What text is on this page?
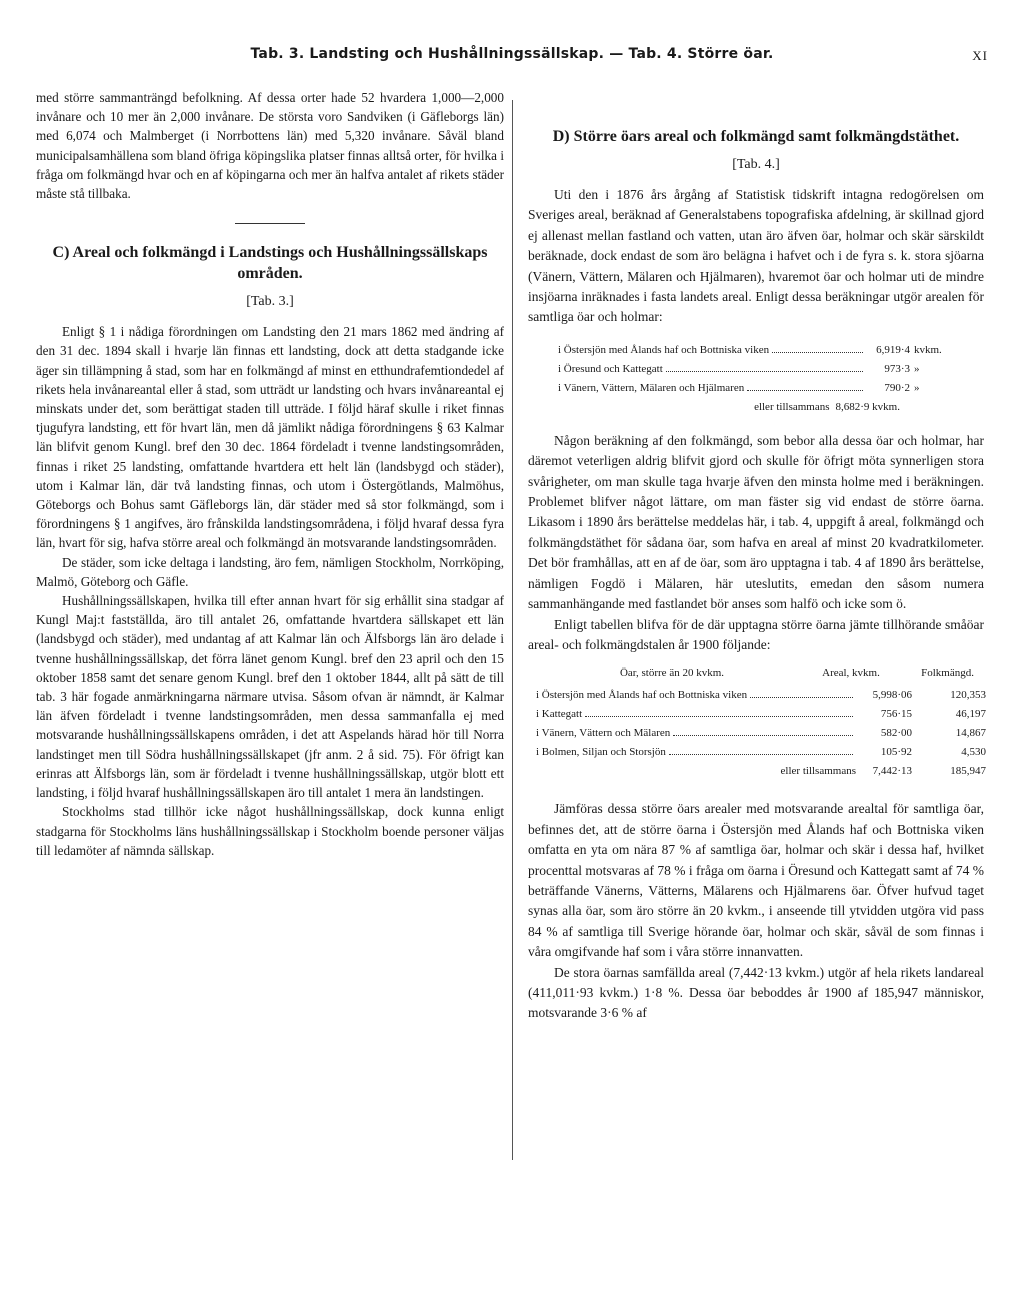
Tab. 3. Landsting och Hushållningssällskap. — Tab. 4. Större öar.	XI

med större sammanträngd befolkning. Af dessa orter hade 52 hvardera 1,000—2,000 invånare och 10 mer än 2,000 invånare. De största voro Sandviken (i Gäfleborgs län) med 6,074 och Malmberget (i Norrbottens län) med 5,320 invånare. Såväl bland municipalsamhällena som bland öfriga köpingslika platser finnas alltså orter, för hvilka i fråga om folkmängd hvar och en af köpingarna och mer än halfva antalet af rikets städer måste stå tillbaka.

C) Areal och folkmängd i Landstings och Hushållningssällskaps områden.
[Tab. 3.]

Enligt § 1 i nådiga förordningen om Landsting den 21 mars 1862 med ändring af den 31 dec. 1894 skall i hvarje län finnas ett landsting, dock att detta stadgande icke äger sin tillämpning å stad, som har en folkmängd af minst en etthundrafemtiondedel af rikets hela invånareantal eller å stad, som utträdt ur landsting och hvars invånareantal ej minskats under det, som berättigat staden till utträde. I följd häraf skulle i riket finnas tjugufyra landsting, ett för hvart län, men då jämlikt nådiga förordningens § 63 Kalmar län blifvit genom Kungl. bref den 30 dec. 1864 fördeladt i tvenne landstingsområden, finnas i riket 25 landsting, omfattande hvartdera ett helt län (landsbygd och städer), utom i Kalmar län, där två landsting finnas, och utom i Östergötlands, Malmöhus, Göteborgs och Bohus samt Gäfleborgs län, där städer med så stor folkmängd, som i förordningens § 1 angifves, äro frånskilda landstingsområdena, i följd hvaraf dessa fyra län, hvart för sig, hafva större areal och folkmängd än motsvarande landstingsområden.

De städer, som icke deltaga i landsting, äro fem, nämligen Stockholm, Norrköping, Malmö, Göteborg och Gäfle.

Hushållningssällskapen, hvilka till efter annan hvart för sig erhållit sina stadgar af Kungl Maj:t fastställda, äro till antalet 26, omfattande hvartdera sällskapet ett län (landsbygd och städer), med undantag af att Kalmar län och Älfsborgs län äro delade i tvenne hushållningssällskap, det förra länet genom Kungl. bref den 23 april och den 15 oktober 1858 samt det senare genom Kungl. bref den 1 oktober 1844, allt på sätt de till tab. 3 här fogade anmärkningarna närmare utvisa. Såsom ofvan är nämndt, är Kalmar län äfven fördeladt i tvenne landstingsområden, men dessa sammanfalla ej med motsvarande hushållningssällskapens områden, i det att Aspelands härad hör till Norra landstinget men till Södra hushållningssällskapet (jfr anm. 2 å sid. 75). För öfrigt kan erinras att Älfsborgs län, som är fördeladt i tvenne hushållningssällskap, utgör blott ett landsting, i följd hvaraf hushållningssällskapen äro till antalet 1 mera än landstingen.

Stockholms stad tillhör icke något hushållningssällskap, dock kunna enligt stadgarna för Stockholms läns hushållningssällskap i Stockholm boende personer väljas till ledamöter af nämnda sällskap.

D) Större öars areal och folkmängd samt folkmängdstäthet.
[Tab. 4.]

Uti den i 1876 års årgång af Statistisk tidskrift intagna redogörelsen om Sveriges areal, beräknad af Generalstabens topografiska afdelning, är skillnad gjord ej allenast mellan fastland och vatten, utan äro äfven öar, holmar och skär särskildt beräknade, dock endast de som äro belägna i hafvet och i de fyra s. k. stora sjöarna (Vänern, Vättern, Mälaren och Hjälmaren), hvaremot öar och holmar uti de mindre insjöarna inräknades i fasta landets areal. Enligt dessa beräkningar utgör arealen för samtliga öar och holmar:

i Östersjön med Ålands haf och Bottniska viken	6,919·4 kvkm.
i Öresund och Kattegatt	973·3 »
i Vänern, Vättern, Mälaren och Hjälmaren	790·2 »
eller tillsammans 8,682·9 kvkm.

Någon beräkning af den folkmängd, som bebor alla dessa öar och holmar, har däremot veterligen aldrig blifvit gjord och skulle för öfrigt möta synnerligen stora svårigheter, om man skulle taga hvarje äfven den minsta holme med i beräkningen. Problemet blifver något lättare, om man fäster sig vid endast de större öarna. Likasom i 1890 års berättelse meddelas här, i tab. 4, uppgift å areal, folkmängd och folkmängdstäthet för sådana öar, som hafva en areal af minst 20 kvadratkilometer. Det bör framhållas, att en af de öar, som äro upptagna i tab. 4 af 1890 års berättelse, nämligen Fogdö i Mälaren, här uteslutits, emedan den såsom numera sammanhängande med fastlandet bör anses som halfö och icke som ö.

Enligt tabellen blifva för de där upptagna större öarna jämte tillhörande småöar areal- och folkmängdstalen år 1900 följande:

Öar, större än 20 kvkm.	Areal, kvkm.	Folkmängd.
i Östersjön med Ålands haf och Bottniska viken	5,998·06	120,353
i Kattegatt	756·15	46,197
i Vänern, Vättern och Mälaren	582·00	14,867
i Bolmen, Siljan och Storsjön	105·92	4,530
eller tillsammans	7,442·13	185,947

Jämföras dessa större öars arealer med motsvarande arealtal för samtliga öar, befinnes det, att de större öarna i Östersjön med Ålands haf och Bottniska viken omfatta en yta om nära 87 % af samtliga öar, holmar och skär i dessa haf, hvilket procenttal motsvaras af 78 % i fråga om öarna i Öresund och Kattegatt samt af 74 % beträffande Vänerns, Vätterns, Mälarens och Hjälmarens öar. Öfver hufvud taget synas alla öar, som äro större än 20 kvkm., i anseende till ytvidden utgöra vid pass 84 % af samtliga till Sverige hörande öar, holmar och skär, såväl de som finnas i våra omgifvande haf som i våra större innanvatten.

De stora öarnas samfällda areal (7,442·13 kvkm.) utgör af hela rikets landareal (411,011·93 kvkm.) 1·8 %. Dessa öar beboddes år 1900 af 185,947 människor, motsvarande 3·6 % af
